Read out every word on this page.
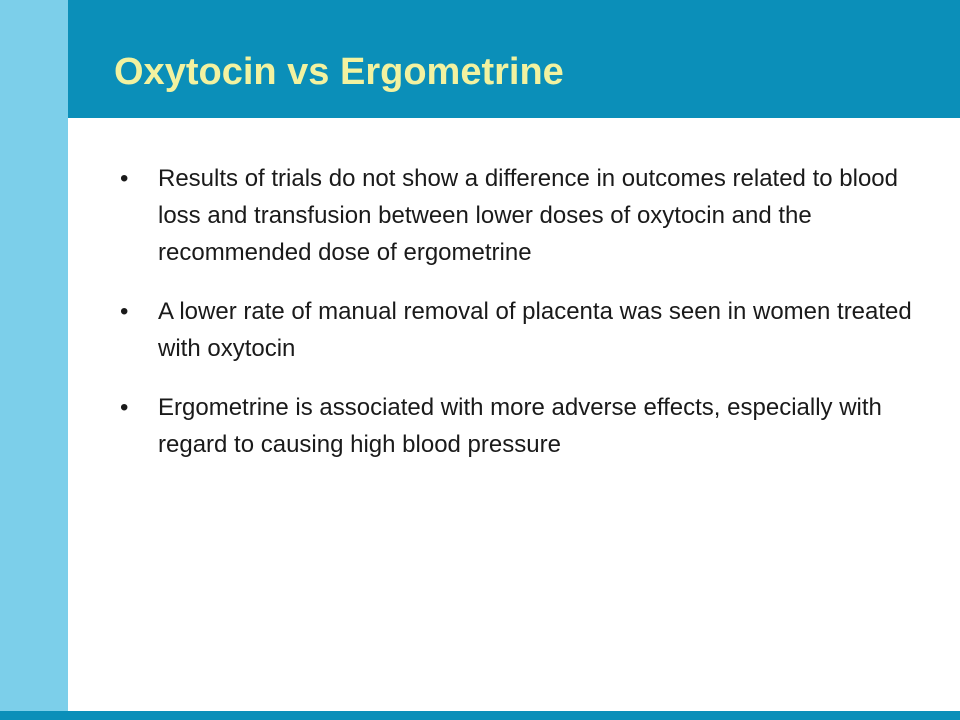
Oxytocin vs Ergometrine
• Results of trials do not show a difference in outcomes related to blood loss and transfusion between lower doses of oxytocin and the recommended dose of ergometrine
• A lower rate of manual removal of placenta was seen in women treated with oxytocin
• Ergometrine is associated with more adverse effects, especially with regard to causing high blood pressure
